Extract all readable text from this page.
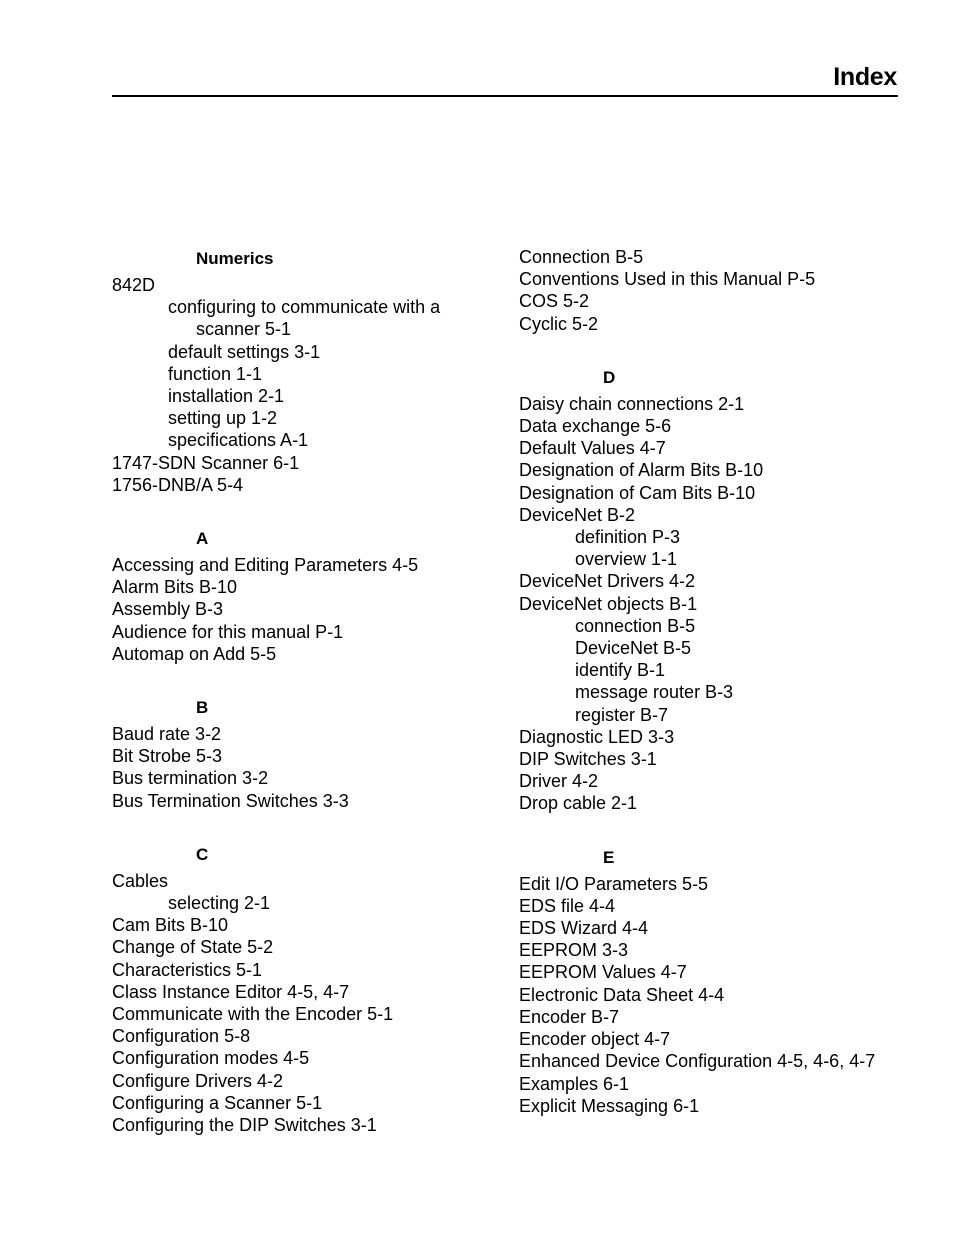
Index
Numerics
842D
configuring to communicate with a scanner 5-1
default settings 3-1
function 1-1
installation 2-1
setting up 1-2
specifications A-1
1747-SDN Scanner 6-1
1756-DNB/A 5-4
A
Accessing and Editing Parameters 4-5
Alarm Bits B-10
Assembly B-3
Audience for this manual P-1
Automap on Add 5-5
B
Baud rate 3-2
Bit Strobe 5-3
Bus termination 3-2
Bus Termination Switches 3-3
C
Cables
selecting 2-1
Cam Bits B-10
Change of State 5-2
Characteristics 5-1
Class Instance Editor 4-5, 4-7
Communicate with the Encoder 5-1
Configuration 5-8
Configuration modes 4-5
Configure Drivers 4-2
Configuring a Scanner 5-1
Configuring the DIP Switches 3-1
Connection B-5
Conventions Used in this Manual P-5
COS 5-2
Cyclic 5-2
D
Daisy chain connections 2-1
Data exchange 5-6
Default Values 4-7
Designation of Alarm Bits B-10
Designation of Cam Bits B-10
DeviceNet B-2
definition P-3
overview 1-1
DeviceNet Drivers 4-2
DeviceNet objects B-1
connection B-5
DeviceNet B-5
identify B-1
message router B-3
register B-7
Diagnostic LED 3-3
DIP Switches 3-1
Driver 4-2
Drop cable 2-1
E
Edit I/O Parameters 5-5
EDS file 4-4
EDS Wizard 4-4
EEPROM 3-3
EEPROM Values 4-7
Electronic Data Sheet 4-4
Encoder B-7
Encoder object 4-7
Enhanced Device Configuration 4-5, 4-6, 4-7
Examples 6-1
Explicit Messaging 6-1
